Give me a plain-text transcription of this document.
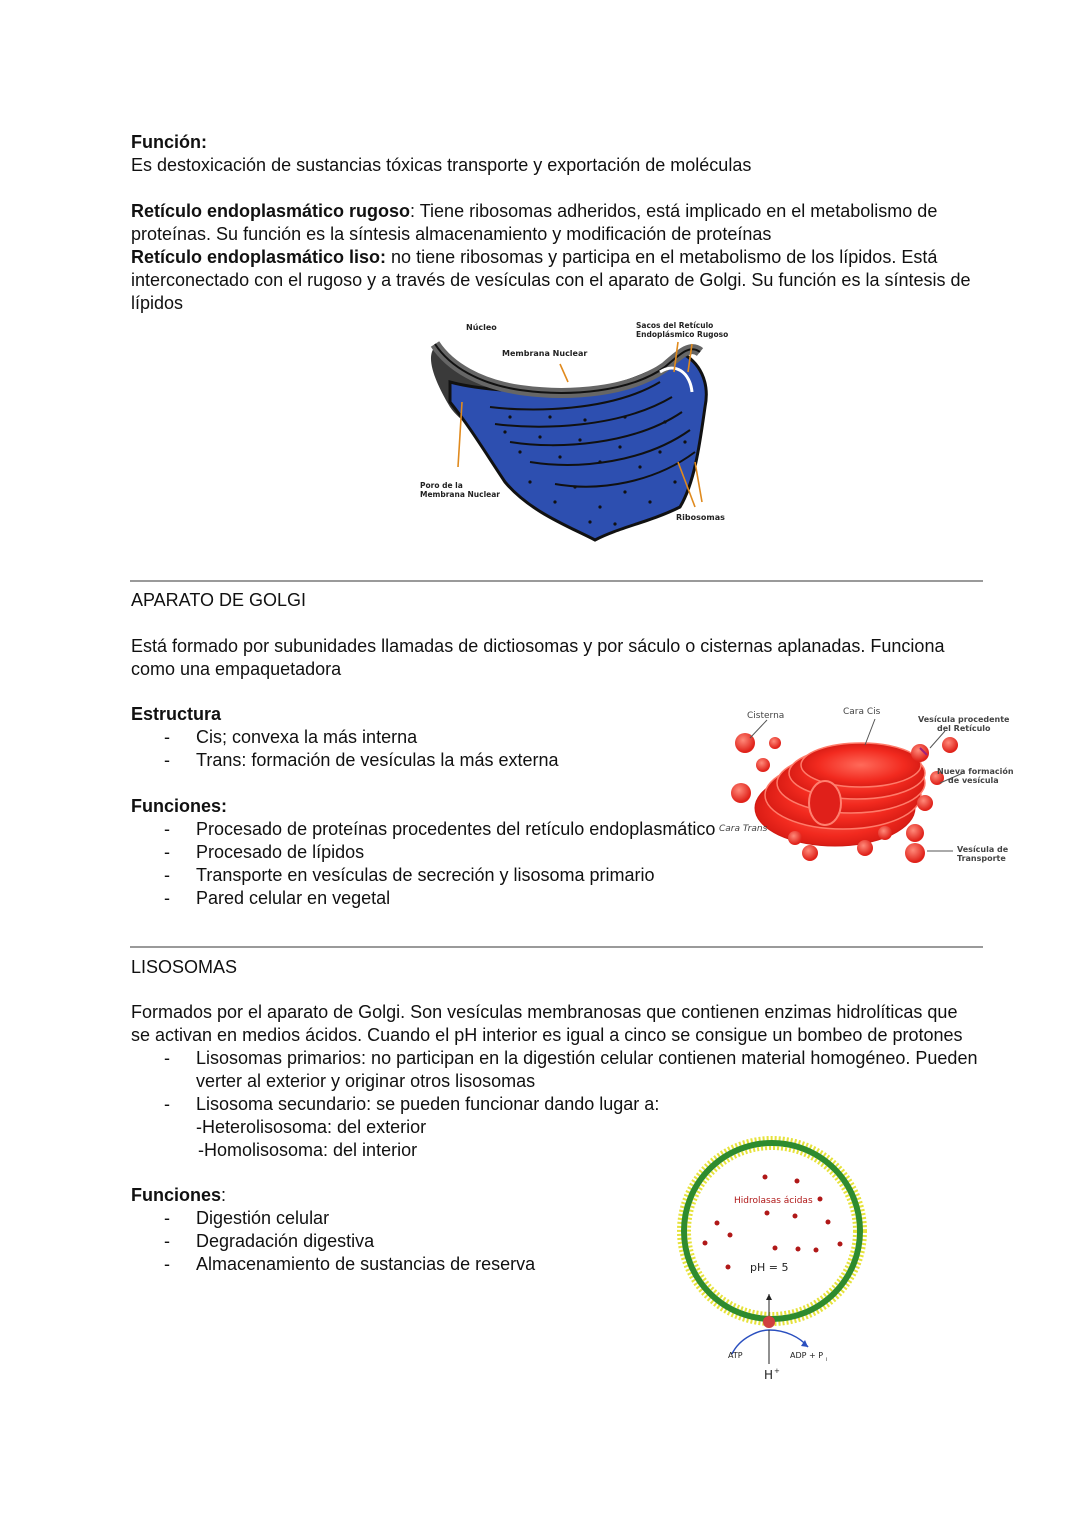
Función:
Es destoxicación de sustancias tóxicas transporte y exportación de moléculas
Retículo endoplasmático rugoso: Tiene ribosomas adheridos, está implicado en el metabolismo de proteínas. Su función es la síntesis almacenamiento y modificación de proteínas
Retículo endoplasmático liso: no tiene ribosomas y participa en el metabolismo de los lípidos. Está interconectado con el rugoso y a través de vesículas con el aparato de Golgi. Su función es la síntesis de lípidos
Núcleo
Membrana Nuclear
Sacos del Retículo
Endoplásmico Rugoso
Poro de la
Membrana Nuclear
Ribosomas
APARATO DE GOLGI
Está formado por subunidades llamadas de dictiosomas y por sáculo o cisternas aplanadas. Funciona como una empaquetadora
Estructura
- Cis; convexa la más interna
- Trans: formación de vesículas la más externa
Funciones:
- Procesado de proteínas procedentes del retículo endoplasmático
- Procesado de lípidos
- Transporte en vesículas de secreción y lisosoma primario
- Pared celular en vegetal
Cisterna	Cara Cis
Vesícula procedente
del Retículo
Nueva formación
de vesícula
Cara Trans
Vesícula de
Transporte
LISOSOMAS
Formados por el aparato de Golgi. Son vesículas membranosas que contienen enzimas hidrolíticas que se activan en medios ácidos. Cuando el pH interior es igual a cinco se consigue un bombeo de protones
- Lisosomas primarios: no participan en la digestión celular contienen material homogéneo. Pueden verter al exterior y originar otros lisosomas
- Lisosoma secundario: se pueden funcionar dando lugar a:
-Heterolisosoma: del exterior
-Homolisosoma: del interior
Funciones:
- Digestión celular
- Degradación digestiva
- Almacenamiento de sustancias de reserva
Hidrolasas ácidas
pH = 5
ATP	ADP + P i
H +
